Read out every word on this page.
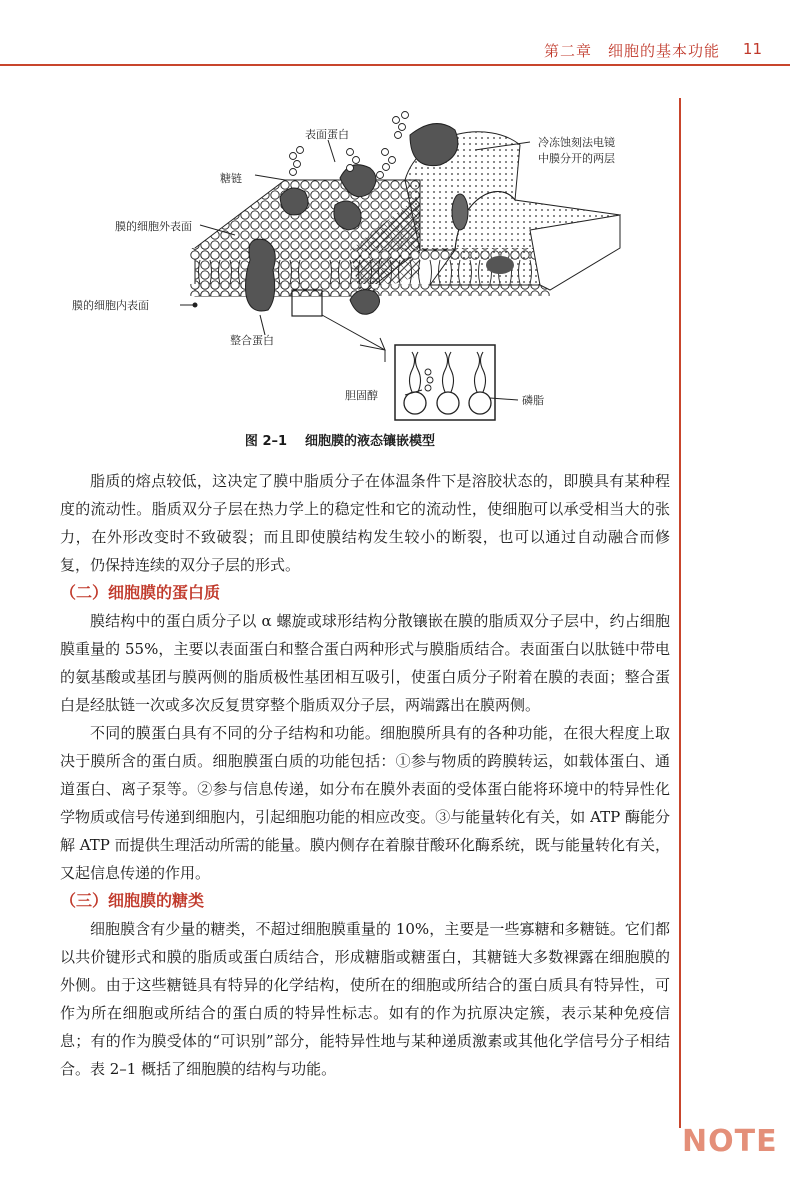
第二章　细胞的基本功能 11
表面蛋白
糖链
膜的细胞外表面
膜的细胞内表面
整合蛋白
冷冻蚀刻法电镜
中膜分开的两层
胆固醇	磷脂
图 2–1 细胞膜的液态镶嵌模型

脂质的熔点较低，这决定了膜中脂质分子在体温条件下是溶胶状态的，即膜具有某种程度的流动性。脂质双分子层在热力学上的稳定性和它的流动性，使细胞可以承受相当大的张力，在外形改变时不致破裂；而且即使膜结构发生较小的断裂，也可以通过自动融合而修复，仍保持连续的双分子层的形式。

（二）细胞膜的蛋白质

膜结构中的蛋白质分子以 α 螺旋或球形结构分散镶嵌在膜的脂质双分子层中，约占细胞膜重量的 55%，主要以表面蛋白和整合蛋白两种形式与膜脂质结合。表面蛋白以肽链中带电的氨基酸或基团与膜两侧的脂质极性基团相互吸引，使蛋白质分子附着在膜的表面；整合蛋白是经肽链一次或多次反复贯穿整个脂质双分子层，两端露出在膜两侧。

不同的膜蛋白具有不同的分子结构和功能。细胞膜所具有的各种功能，在很大程度上取决于膜所含的蛋白质。细胞膜蛋白质的功能包括：①参与物质的跨膜转运，如载体蛋白、通道蛋白、离子泵等。②参与信息传递，如分布在膜外表面的受体蛋白能将环境中的特异性化学物质或信号传递到细胞内，引起细胞功能的相应改变。③与能量转化有关，如 ATP 酶能分解 ATP 而提供生理活动所需的能量。膜内侧存在着腺苷酸环化酶系统，既与能量转化有关，又起信息传递的作用。

（三）细胞膜的糖类

细胞膜含有少量的糖类，不超过细胞膜重量的 10%，主要是一些寡糖和多糖链。它们都以共价键形式和膜的脂质或蛋白质结合，形成糖脂或糖蛋白，其糖链大多数裸露在细胞膜的外侧。由于这些糖链具有特异的化学结构，使所在的细胞或所结合的蛋白质具有特异性，可作为所在细胞或所结合的蛋白质的特异性标志。如有的作为抗原决定簇，表示某种免疫信息；有的作为膜受体的“可识别”部分，能特异性地与某种递质激素或其他化学信号分子相结合。表 2–1 概括了细胞膜的结构与功能。

NOTE
